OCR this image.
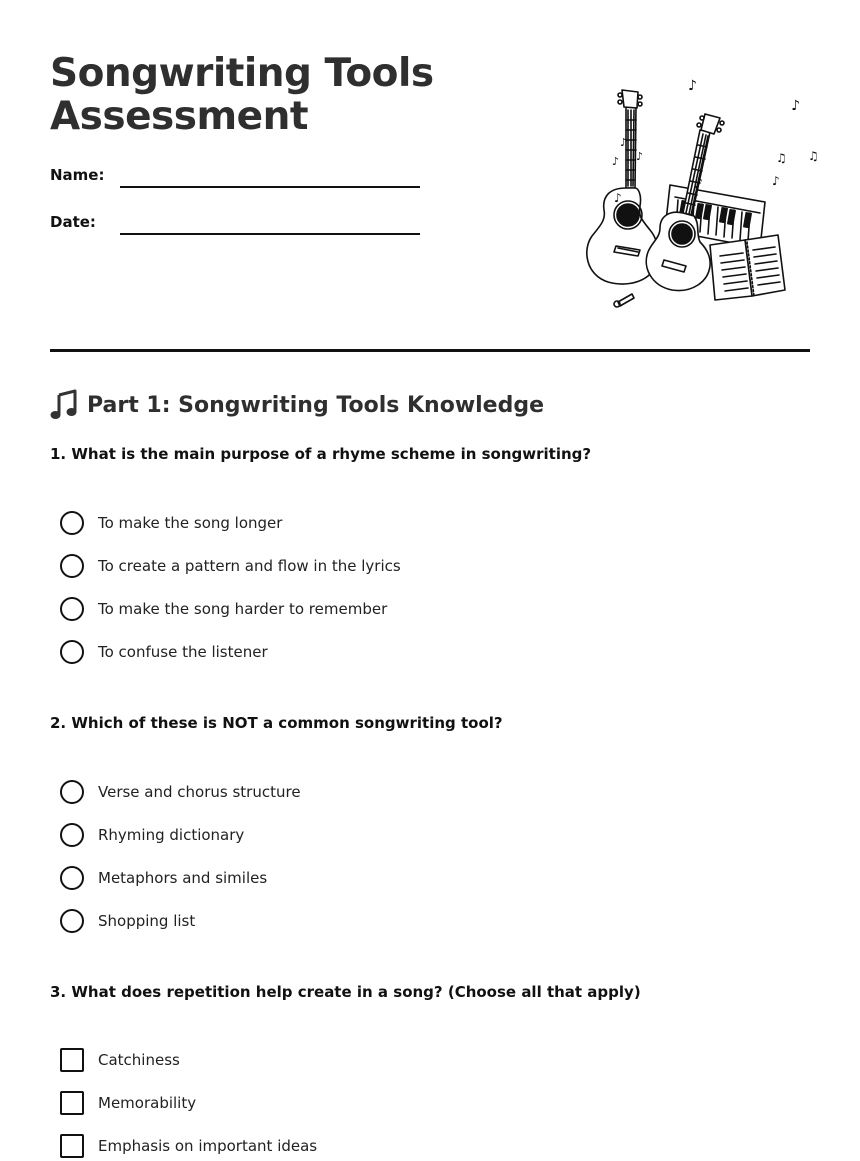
Songwriting Tools
Assessment
Name:
Date:
♪
♪
♪
♪ ♪	♫ ♫
♪
♪
♪
Part 1: Songwriting Tools Knowledge
1. What is the main purpose of a rhyme scheme in songwriting?
To make the song longer
To create a pattern and flow in the lyrics
To make the song harder to remember
To confuse the listener
2. Which of these is NOT a common songwriting tool?
Verse and chorus structure
Rhyming dictionary
Metaphors and similes
Shopping list
3. What does repetition help create in a song? (Choose all that apply)
Catchiness
Memorability
Emphasis on important ideas
